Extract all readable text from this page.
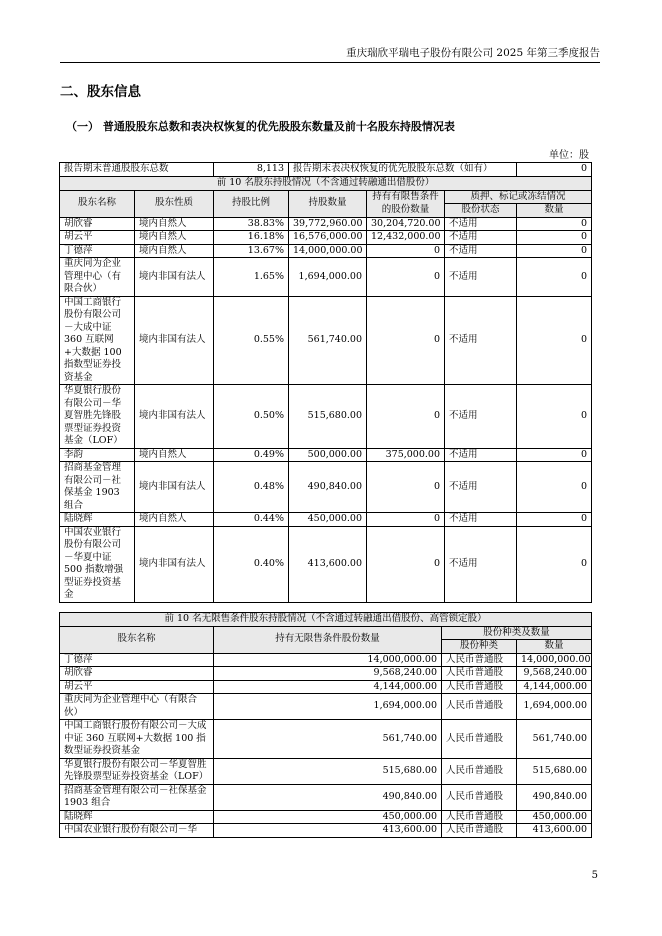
重庆瑞欣平瑞电子股份有限公司 2025 年第三季度报告
二、股东信息
（一） 普通股股东总数和表决权恢复的优先股股东数量及前十名股东持股情况表
单位：股
报告期末普通股股东总数		8,113	报告期末表决权恢复的优先股股东总数（如有）			0
前 10 名股东持股情况（不含通过转融通出借股份）						
股东名称	股东性质	持股比例	持股数量	持有有限售条件的股份数量	质押、标记或冻结情况	
					股份状态	数量
胡欣睿	境内自然人	38.83%	39,772,960.00	30,204,720.00	不适用	0
胡云平	境内自然人	16.18%	16,576,000.00	12,432,000.00	不适用	0
丁德萍	境内自然人	13.67%	14,000,000.00	0	不适用	0
重庆同为企业管理中心（有限合伙）	境内非国有法人	1.65%	1,694,000.00	0	不适用	0
中国工商银行股份有限公司－大成中证 360 互联网+大数据 100 指数型证券投资基金	境内非国有法人	0.55%	561,740.00	0	不适用	0
华夏银行股份有限公司－华夏智胜先锋股票型证券投资基金（LOF）	境内非国有法人	0.50%	515,680.00	0	不适用	0
李韵	境内自然人	0.49%	500,000.00	375,000.00	不适用	0
招商基金管理有限公司－社保基金 1903 组合	境内非国有法人	0.48%	490,840.00	0	不适用	0
陆晓辉	境内自然人	0.44%	450,000.00	0	不适用	0
中国农业银行股份有限公司－华夏中证 500 指数增强型证券投资基金	境内非国有法人	0.40%	413,600.00	0	不适用	0
前 10 名无限售条件股东持股情况（不含通过转融通出借股份、高管锁定股）			
股东名称	持有无限售条件股份数量	股份种类及数量	
		股份种类	数量
丁德萍	14,000,000.00	人民币普通股	14,000,000.00
胡欣睿	9,568,240.00	人民币普通股	9,568,240.00
胡云平	4,144,000.00	人民币普通股	4,144,000.00
重庆同为企业管理中心（有限合伙）	1,694,000.00	人民币普通股	1,694,000.00
中国工商银行股份有限公司－大成中证 360 互联网+大数据 100 指数型证券投资基金	561,740.00	人民币普通股	561,740.00
华夏银行股份有限公司－华夏智胜先锋股票型证券投资基金（LOF）	515,680.00	人民币普通股	515,680.00
招商基金管理有限公司－社保基金 1903 组合	490,840.00	人民币普通股	490,840.00
陆晓辉	450,000.00	人民币普通股	450,000.00
中国农业银行股份有限公司－华	413,600.00	人民币普通股	413,600.00
5
